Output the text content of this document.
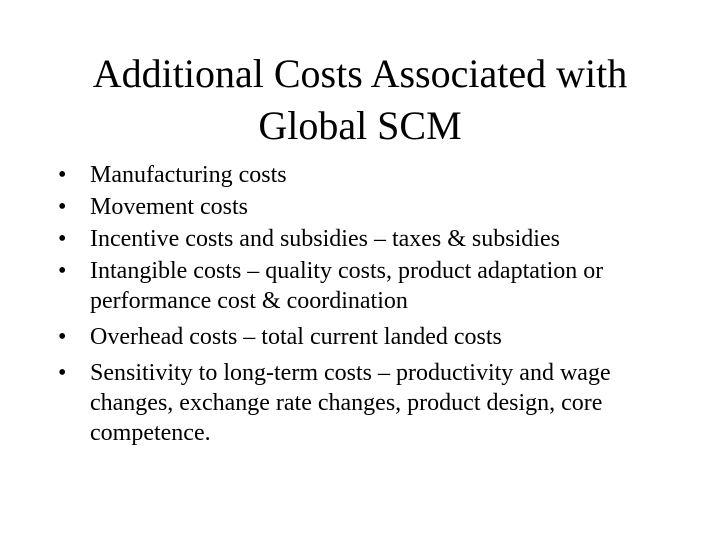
Additional Costs Associated with
Global SCM
• Manufacturing costs
• Movement costs
• Incentive costs and subsidies – taxes & subsidies
• Intangible costs – quality costs, product adaptation or performance cost & coordination
• Overhead costs – total current landed costs
• Sensitivity to long-term costs – productivity and wage changes, exchange rate changes, product design, core competence.
